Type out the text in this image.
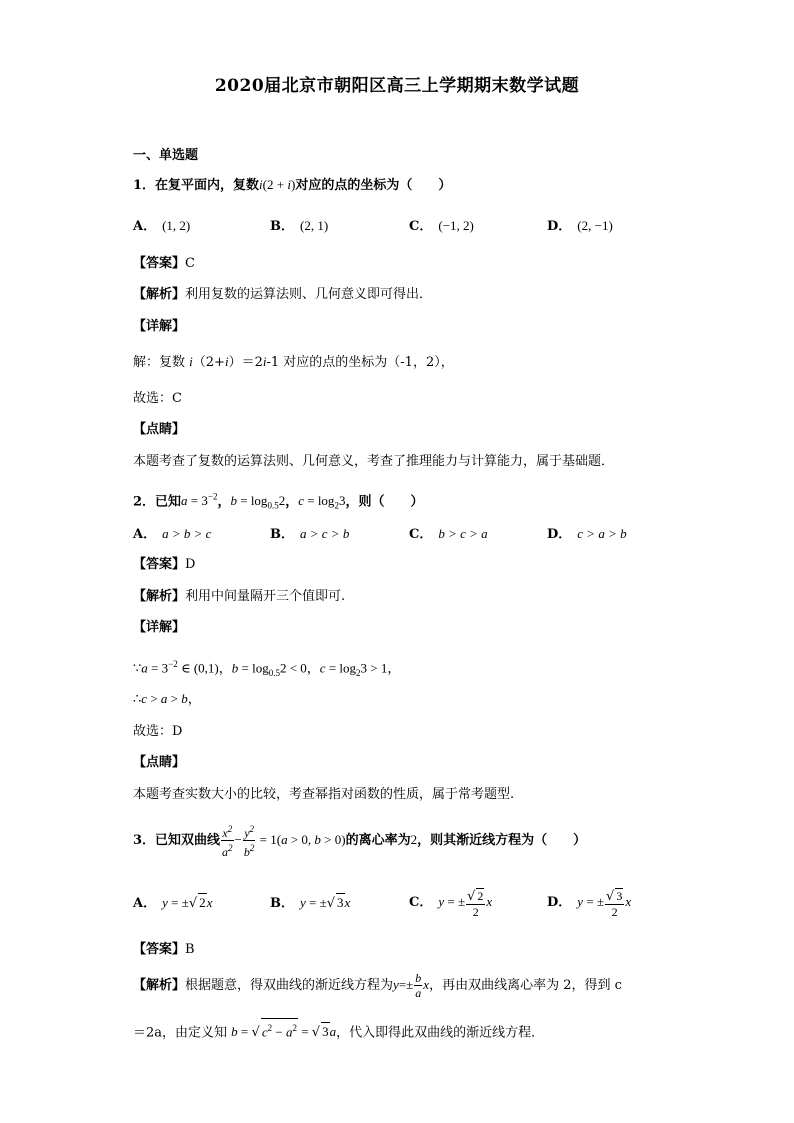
2020届北京市朝阳区高三上学期期末数学试题
一、单选题
1．在复平面内，复数i(2 + i)对应的点的坐标为（　　）
A． (1, 2)	B． (2, 1)	C． (−1, 2)	D． (2, −1)
【答案】C
【解析】利用复数的运算法则、几何意义即可得出．
【详解】
解：复数 i（2+i）＝2i-1 对应的点的坐标为（-1，2），
故选：C
【点睛】
本题考查了复数的运算法则、几何意义，考查了推理能力与计算能力，属于基础题．
2．已知$a = 3^{-2}$，$b = \log_{0.5}2$，$c = \log_23$，则（　　）
A． a > b > c	B． a > c > b	C． b > c > a	D． c > a > b
【答案】D
【解析】利用中间量隔开三个值即可.
【详解】
∵a = $3^{-2}$ ∈ (0,1)，$b = \log_{0.5}2 < 0$，$c = \log_23 > 1$，
∴c > a > b，
故选：D
【点睛】
本题考查实数大小的比较，考查幂指对函数的性质，属于常考题型.
3．已知双曲线 $\frac{x^2}{a^2} - \frac{y^2}{b^2} = 1(a > 0$, b > 0)的离心率为2，则其渐近线方程为（　　）
A． y = ±√ 2x	B． y = ±√ 3x	C． y = ± $\frac{√ 2}{2}$ x	D． y = ± $\frac{√ 3}{2}$ x
【答案】B
【解析】根据题意，得双曲线的渐近线方程为$y=\pm \frac{b}{a}$ x，再由双曲线离心率为 2，得到 c
＝2a，由定义知 b = √ $c^2 - a^2$ = √ 3a，代入即得此双曲线的渐近线方程．
